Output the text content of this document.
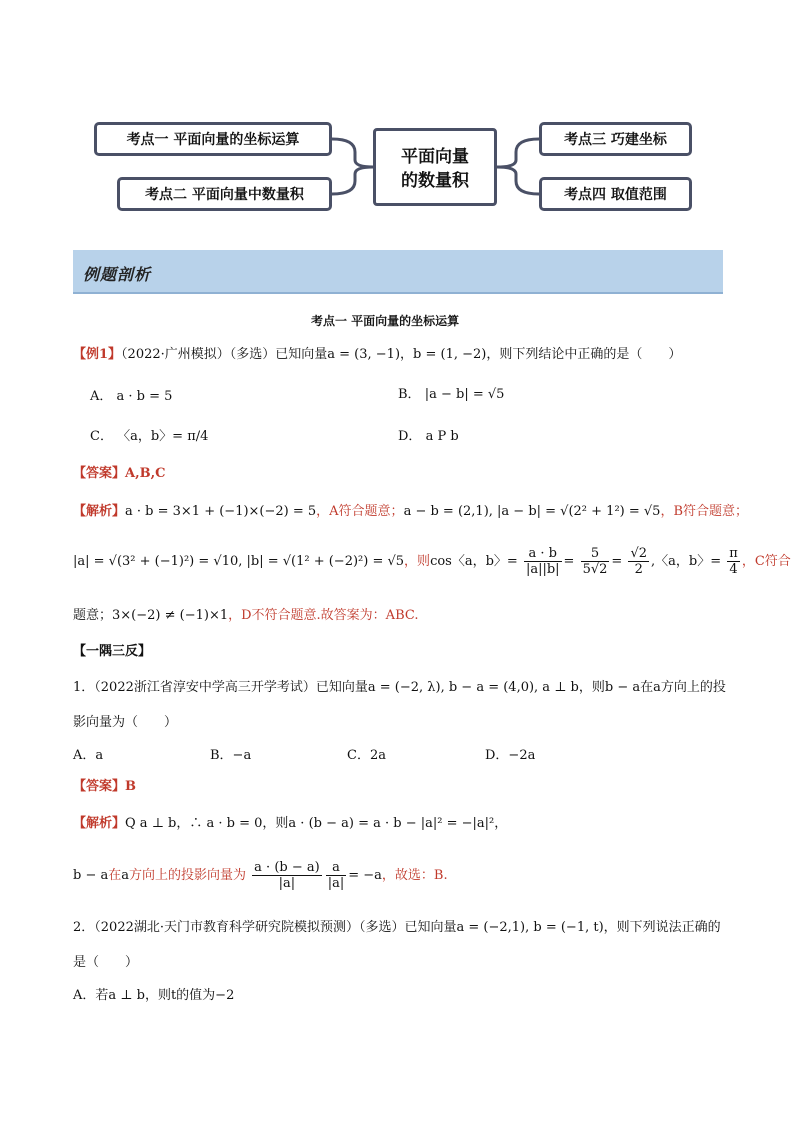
考点一 平面向量的坐标运算
考点二 平面向量中数量积
考点三 巧建坐标
考点四 取值范围
平面向量
的数量积
例题剖析
考点一 平面向量的坐标运算
【例1】（2022·广州模拟）（多选）已知向量a = (3, −1)，b = (1, −2)，则下列结论中正确的是（　　）
A． a · b = 5	B． |a − b| = √5
C． 〈a，b〉= π/4	D． a P b
【答案】A,B,C
【解析】a · b = 3×1 + (−1)×(−2) = 5，A符合题意；a − b = (2,1), |a − b| = √(2² + 1²) = √5，B符合题意；
|a| = √(3² + (−1)²) = √10, |b| = √(1² + (−2)²) = √5，则cos〈a，b〉= $\frac{a \cdot b}{|a||b|} = \frac{5}{5√2} = \frac{√2}{2}$ ,〈a，b〉= $\frac{\pi}{4}$ ，C符合
题意；3×(−2) ≠ (−1)×1，D不符合题意.故答案为：ABC.
【一隅三反】
1．（2022浙江省淳安中学高三开学考试）已知向量a = (−2, λ), b − a = (4,0), a ⊥ b，则b − a在a方向上的投
影向量为（　　）
A．a	B．−a	C．2a	D．−2a
【答案】B
【解析】Q a ⊥ b，∴ a · b = 0，则a · (b − a) = a · b − |a|² = −|a|²，
b − a在a方向上的投影向量为 $\frac{a \cdot (b - a)}{|a|} \frac{a}{|a|} = -a$，故选：B.
2．（2022湖北·天门市教育科学研究院模拟预测）（多选）已知向量a = (−2,1), b = (−1, t)，则下列说法正确的
是（　　）
A．若a ⊥ b，则t的值为−2
